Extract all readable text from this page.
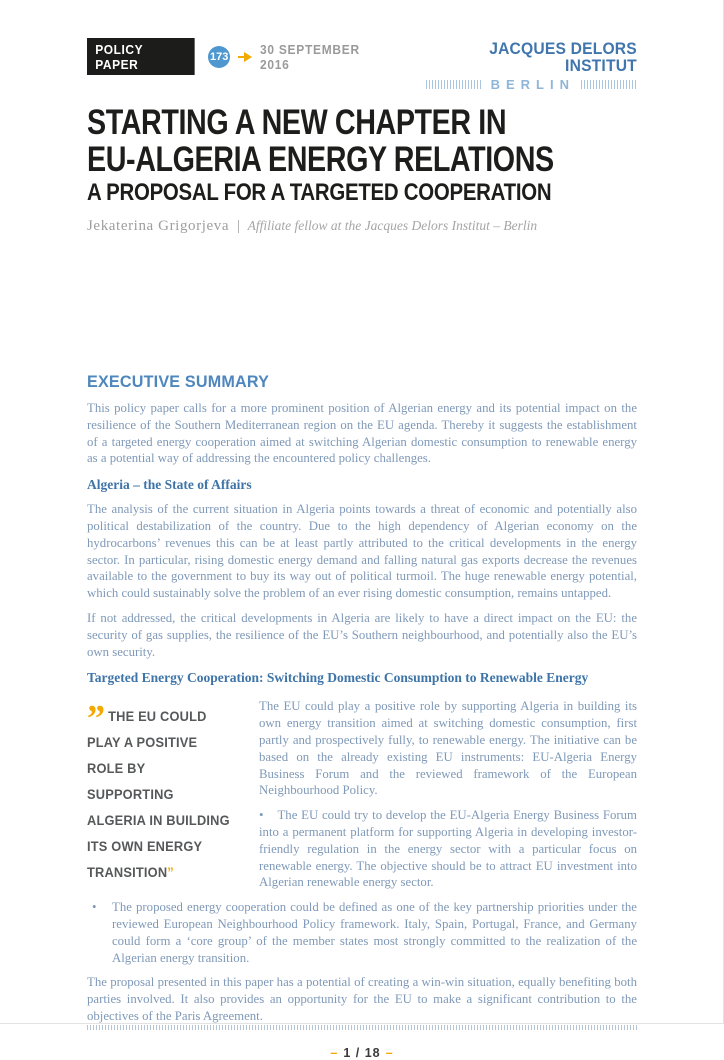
POLICY PAPER
173 30 SEPTEMBER 2016
JACQUES DELORS INSTITUT
BERLIN
STARTING A NEW CHAPTER IN
EU-ALGERIA ENERGY RELATIONS
A PROPOSAL FOR A TARGETED COOPERATION
Jekaterina Grigorjeva | Affiliate fellow at the Jacques Delors Institut – Berlin
EXECUTIVE SUMMARY

This policy paper calls for a more prominent position of Algerian energy and its potential impact on the resilience of the Southern Mediterranean region on the EU agenda. Thereby it suggests the establishment of a targeted energy cooperation aimed at switching Algerian domestic consumption to renewable energy as a potential way of addressing the encountered policy challenges.

Algeria – the State of Affairs

The analysis of the current situation in Algeria points towards a threat of economic and potentially also political destabilization of the country. Due to the high dependency of Algerian economy on the hydrocarbons’ revenues this can be at least partly attributed to the critical developments in the energy sector. In particular, rising domestic energy demand and falling natural gas exports decrease the revenues available to the government to buy its way out of political turmoil. The huge renewable energy potential, which could sustainably solve the problem of an ever rising domestic consumption, remains untapped.

If not addressed, the critical developments in Algeria are likely to have a direct impact on the EU: the security of gas supplies, the resilience of the EU’s Southern neighbourhood, and potentially also the EU’s own security.

Targeted Energy Cooperation: Switching Domestic Consumption to Renewable Energy
” THE EU COULD PLAY A POSITIVE ROLE BY SUPPORTING ALGERIA IN BUILDING ITS OWN ENERGY TRANSITION”

The EU could play a positive role by supporting Algeria in building its own energy transition aimed at switching domestic consumption, first partly and prospectively fully, to renewable energy. The initiative can be based on the already existing EU instruments: EU-Algeria Energy Business Forum and the reviewed framework of the European Neighbourhood Policy.

• The EU could try to develop the EU-Algeria Energy Business Forum into a permanent platform for supporting Algeria in developing investor-friendly regulation in the energy sector with a particular focus on renewable energy. The objective should be to attract EU investment into Algerian renewable energy sector.

• The proposed energy cooperation could be defined as one of the key partnership priorities under the reviewed European Neighbourhood Policy framework. Italy, Spain, Portugal, France, and Germany could form a ‘core group’ of the member states most strongly committed to the realization of the Algerian energy transition.

The proposal presented in this paper has a potential of creating a win-win situation, equally benefiting both parties involved. It also provides an opportunity for the EU to make a significant contribution to the objectives of the Paris Agreement.

– 1 / 18 –
